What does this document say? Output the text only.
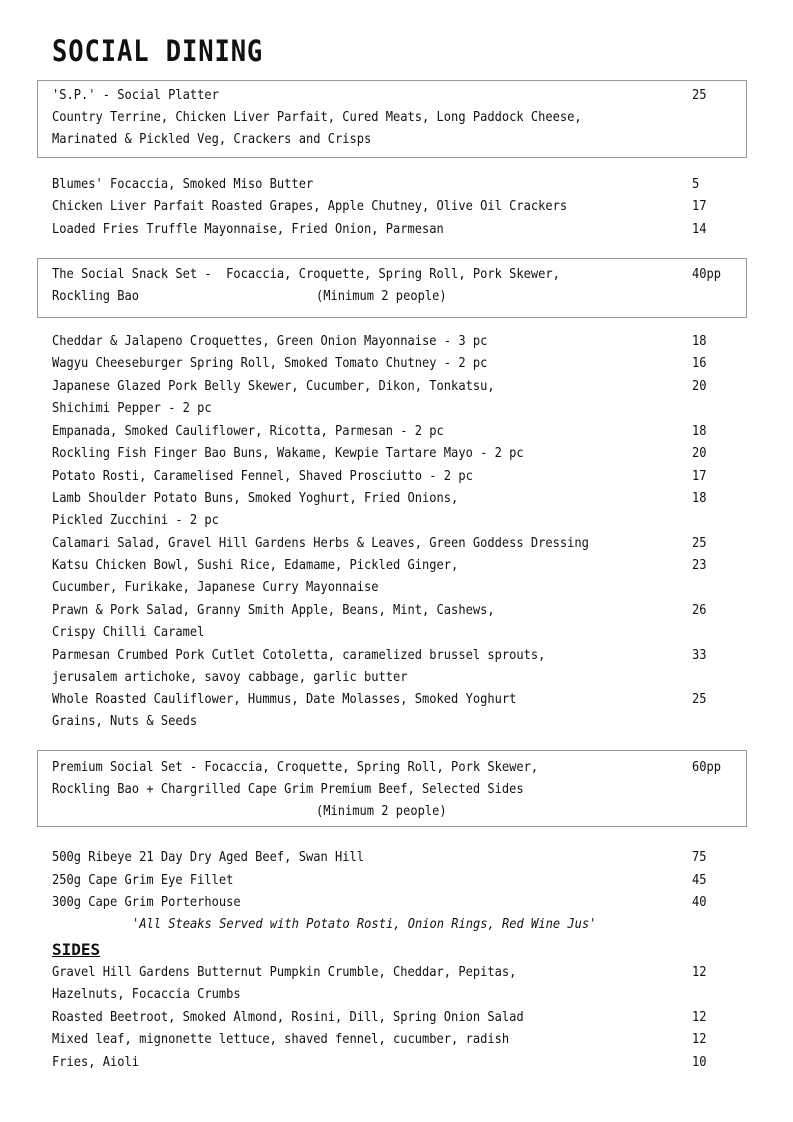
SOCIAL DINING
'S.P.' - Social Platter	25
Country Terrine, Chicken Liver Parfait, Cured Meats, Long Paddock Cheese,
Marinated & Pickled Veg, Crackers and Crisps
Blumes' Focaccia, Smoked Miso Butter	5
Chicken Liver Parfait Roasted Grapes, Apple Chutney, Olive Oil Crackers	17
Loaded Fries Truffle Mayonnaise, Fried Onion, Parmesan	14
The Social Snack Set -  Focaccia, Croquette, Spring Roll, Pork Skewer,	40pp
Rockling Bao	(Minimum 2 people)
Cheddar & Jalapeno Croquettes, Green Onion Mayonnaise - 3 pc	18
Wagyu Cheeseburger Spring Roll, Smoked Tomato Chutney - 2 pc	16
Japanese Glazed Pork Belly Skewer, Cucumber, Dikon, Tonkatsu,	20
Shichimi Pepper - 2 pc
Empanada, Smoked Cauliflower, Ricotta, Parmesan - 2 pc	18
Rockling Fish Finger Bao Buns, Wakame, Kewpie Tartare Mayo - 2 pc	20
Potato Rosti, Caramelised Fennel, Shaved Prosciutto - 2 pc	17
Lamb Shoulder Potato Buns, Smoked Yoghurt, Fried Onions,	18
Pickled Zucchini - 2 pc
Calamari Salad, Gravel Hill Gardens Herbs & Leaves, Green Goddess Dressing	25
Katsu Chicken Bowl, Sushi Rice, Edamame, Pickled Ginger,	23
Cucumber, Furikake, Japanese Curry Mayonnaise
Prawn & Pork Salad, Granny Smith Apple, Beans, Mint, Cashews,	26
Crispy Chilli Caramel
Parmesan Crumbed Pork Cutlet Cotoletta, caramelized brussel sprouts,	33
jerusalem artichoke, savoy cabbage, garlic butter
Whole Roasted Cauliflower, Hummus, Date Molasses, Smoked Yoghurt	25
Grains, Nuts & Seeds
Premium Social Set - Focaccia, Croquette, Spring Roll, Pork Skewer,	60pp
Rockling Bao + Chargrilled Cape Grim Premium Beef, Selected Sides
(Minimum 2 people)
500g Ribeye 21 Day Dry Aged Beef, Swan Hill	75
250g Cape Grim Eye Fillet	45
300g Cape Grim Porterhouse	40
'All Steaks Served with Potato Rosti, Onion Rings, Red Wine Jus'
SIDES
Gravel Hill Gardens Butternut Pumpkin Crumble, Cheddar, Pepitas,	12
Hazelnuts, Focaccia Crumbs
Roasted Beetroot, Smoked Almond, Rosini, Dill, Spring Onion Salad	12
Mixed leaf, mignonette lettuce, shaved fennel, cucumber, radish	12
Fries, Aioli	10
